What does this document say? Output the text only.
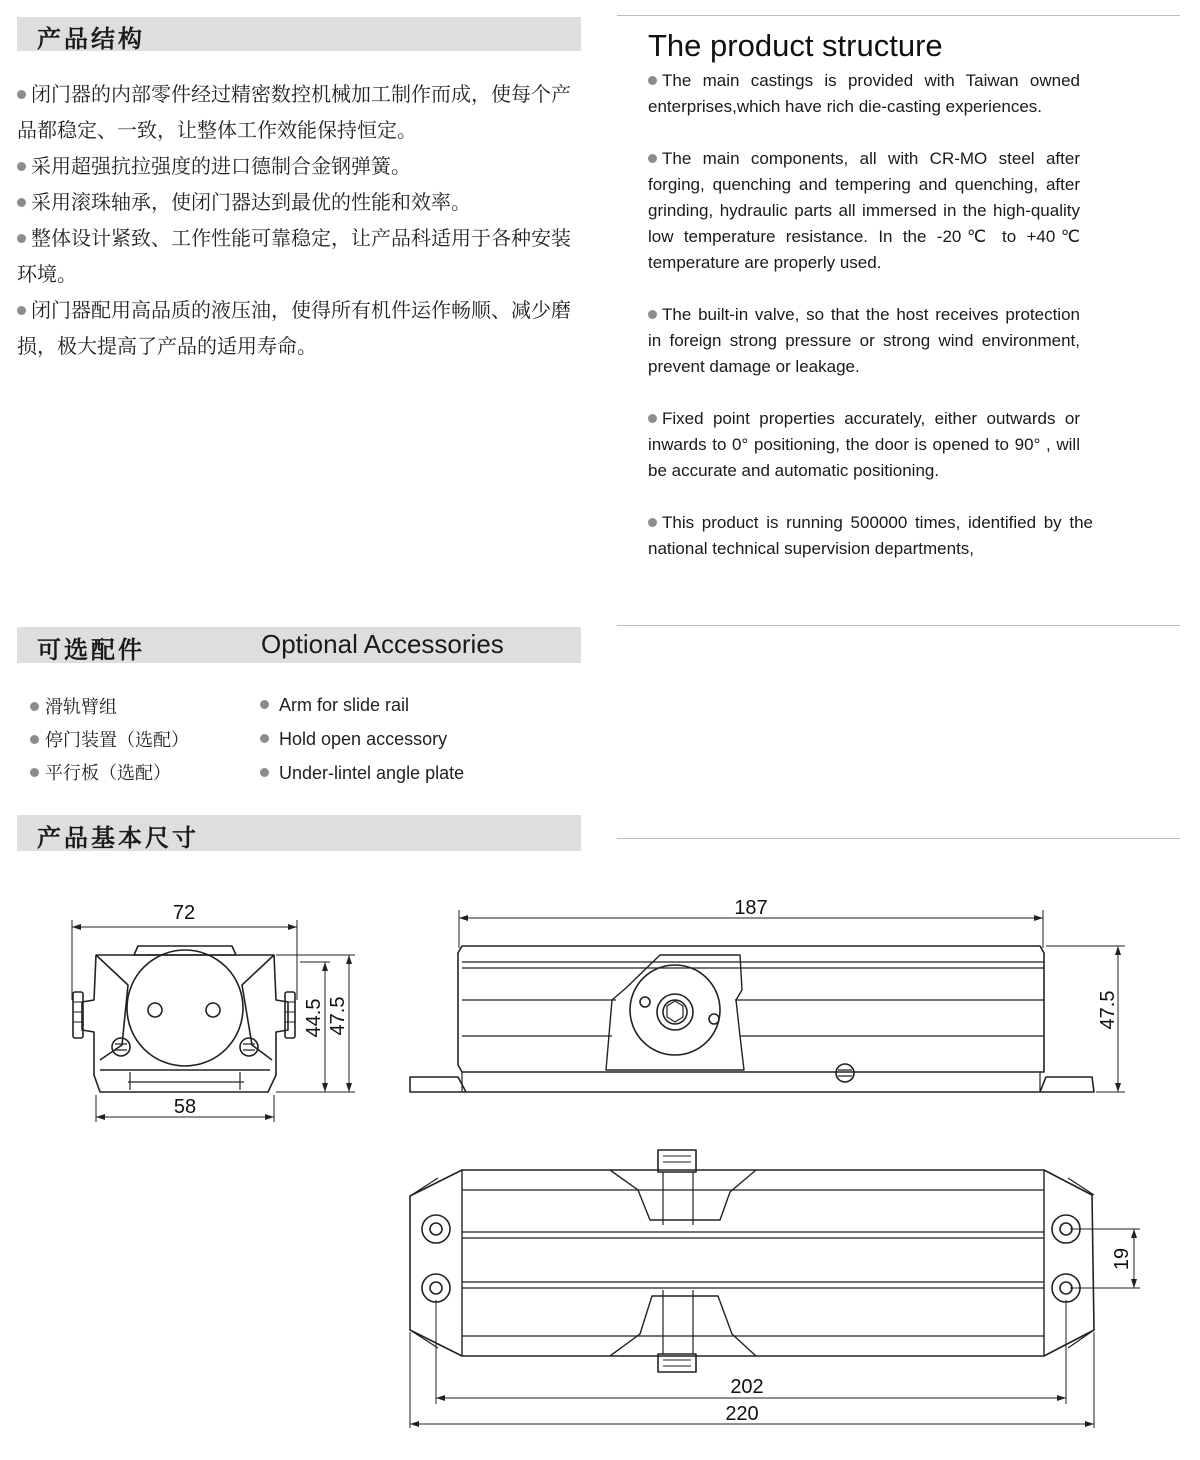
产品结构
闭门器的内部零件经过精密数控机械加工制作而成，使每个产品都稳定、一致，让整体工作效能保持恒定。
采用超强抗拉强度的进口德制合金钢弹簧。
采用滚珠轴承，使闭门器达到最优的性能和效率。
整体设计紧致、工作性能可靠稳定，让产品科适用于各种安装环境。
闭门器配用高品质的液压油，使得所有机件运作畅顺、减少磨损，极大提高了产品的适用寿命。
The product structure
The main castings is provided with Taiwan owned enterprises,which have rich die-casting experiences.
The main components, all with CR-MO steel after forging, quenching and tempering and quenching, after grinding, hydraulic parts all immersed in the high-quality low temperature resistance. In the -20℃ to +40℃ temperature are properly used.
The built-in valve, so that the host receives protection in foreign strong pressure or strong wind environment, prevent damage or leakage.
Fixed point properties accurately, either outwards or inwards to 0° positioning, the door is opened to 90° , will be accurate and automatic positioning.
This product is running 500000 times, identified by the national technical supervision departments,
可选配件	Optional Accessories
滑轨臂组
停门装置（选配）
平行板（选配）
Arm for slide rail
Hold open accessory
Under-lintel angle plate
产品基本尺寸
72
58
44.5 47.5
187
47.5
19
202
220
